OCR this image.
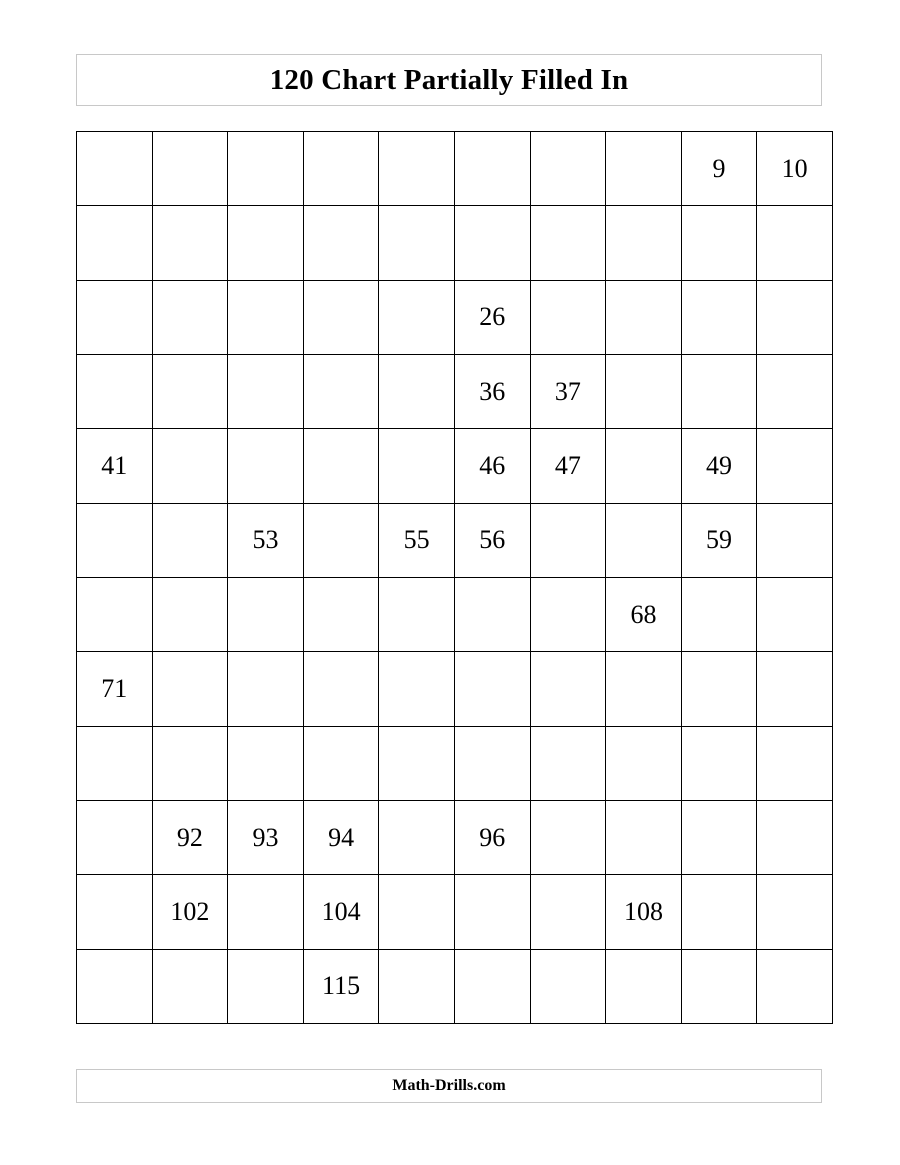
120 Chart Partially Filled In
								9	10

					26				
					36	37			
41					46	47		49	
		53		55	56			59	
							68		
71									

	92	93	94		96				
	102		104				108		
			115						
Math-Drills.com
